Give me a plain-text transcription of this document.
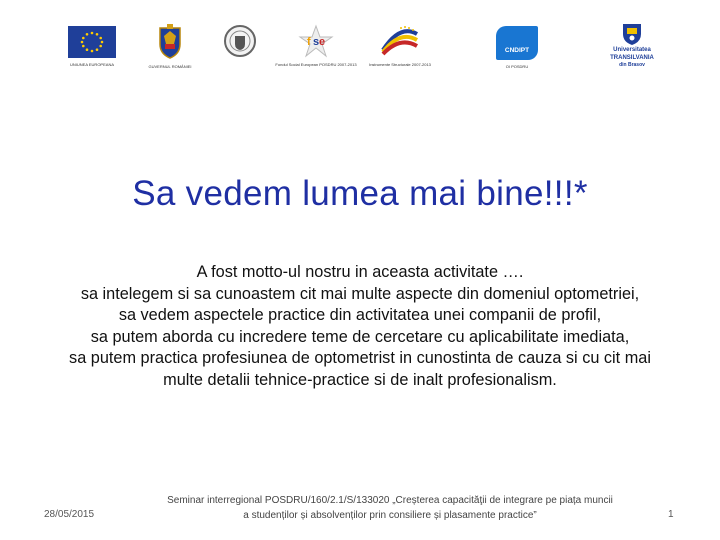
UNIUNEA EUROPEANA	GUVERNUL ROMÂNIEI
f s e
Fondul Social European POSDRU 2007-2013	Instrumente Structurale 2007-2013
CNDIPT
OI POSDRU
Universitatea
TRANSILVANIA
din Brasov
Sa vedem lumea mai bine!!!*
A fost motto-ul nostru in aceasta activitate ….
sa intelegem si sa cunoastem cit mai multe aspecte din domeniul optometriei,
sa vedem aspectele practice din activitatea unei companii de profil,
sa putem aborda cu incredere teme de cercetare cu aplicabilitate imediata,
sa putem practica profesiunea de optometrist in cunostinta de cauza si cu cit mai
multe detalii tehnice-practice si de inalt profesionalism.
28/05/2015
Seminar interregional POSDRU/160/2.1/S/133020 „Creșterea capacităţii de integrare pe piața muncii
a studenților și absolvenților prin consiliere și plasamente practice”	1
